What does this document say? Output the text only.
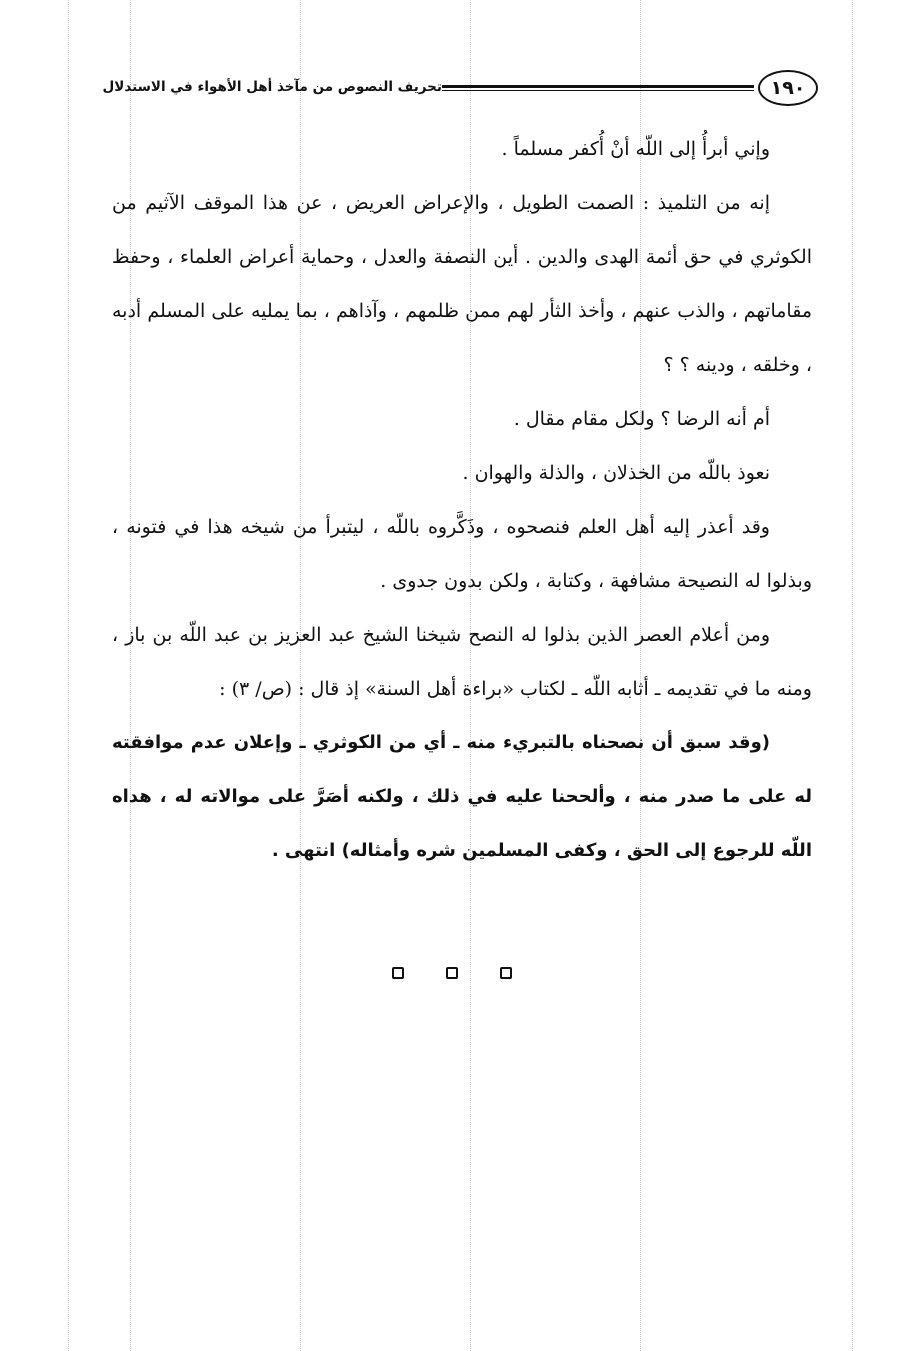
تحريف النصوص من مآخذ أهل الأهواء في الاستدلال	١٩٠

وإني أبرأُ إلى اللّه أنْ أُكفر مسلماً .

إنه من التلميذ : الصمت الطويل ، والإعراض العريض ، عن هذا الموقف الآثيم من الكوثري في حق أئمة الهدى والدين . أين النصفة والعدل ، وحماية أعراض العلماء ، وحفظ مقاماتهم ، والذب عنهم ، وأخذ الثأر لهم ممن ظلمهم ، وآذاهم ، بما يمليه على المسلم أدبه ، وخلقه ، ودينه ؟ ؟

أم أنه الرضا ؟ ولكل مقام مقال .

نعوذ باللّه من الخذلان ، والذلة والهوان .

وقد أعذر إليه أهل العلم فنصحوه ، وذَكَّروه باللّه ، ليتبرأ من شيخه هذا في فتونه ، وبذلوا له النصيحة مشافهة ، وكتابة ، ولكن بدون جدوى .

ومن أعلام العصر الذين بذلوا له النصح شيخنا الشيخ عبد العزيز بن عبد اللّه بن باز ، ومنه ما في تقديمه ـ أثابه اللّه ـ لكتاب «براءة أهل السنة» إذ قال : (ص/ ٣) :

(وقد سبق أن نصحناه بالتبريء منه ـ أي من الكوثري ـ وإعلان عدم موافقته له على ما صدر منه ، وألححنا عليه في ذلك ، ولكنه أصَرَّ على موالاته له ، هداه اللّه للرجوع إلى الحق ، وكفى المسلمين شره وأمثاله) انتهى .
